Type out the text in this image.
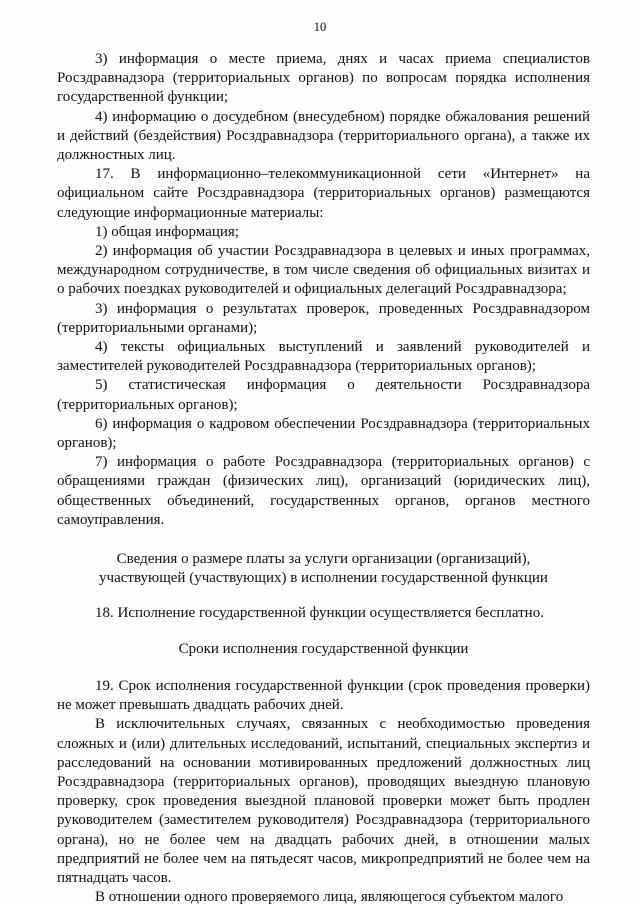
10

3) информация о месте приема, днях и часах приема специалистов Росздравнадзора (территориальных органов) по вопросам порядка исполнения государственной функции;

4) информацию о досудебном (внесудебном) порядке обжалования решений и действий (бездействия) Росздравнадзора (территориального органа), а также их должностных лиц.

17. В информационно–телекоммуникационной сети «Интернет» на официальном сайте Росздравнадзора (территориальных органов) размещаются следующие информационные материалы:

1) общая информация;

2) информация об участии Росздравнадзора в целевых и иных программах, международном сотрудничестве, в том числе сведения об официальных визитах и о рабочих поездках руководителей и официальных делегаций Росздравнадзора;

3) информация о результатах проверок, проведенных Росздравнадзором (территориальными органами);

4) тексты официальных выступлений и заявлений руководителей и заместителей руководителей Росздравнадзора (территориальных органов);

5) статистическая информация о деятельности Росздравнадзора (территориальных органов);

6) информация о кадровом обеспечении Росздравнадзора (территориальных органов);

7) информация о работе Росздравнадзора (территориальных органов) с обращениями граждан (физических лиц), организаций (юридических лиц), общественных объединений, государственных органов, органов местного самоуправления.

Сведения о размере платы за услуги организации (организаций),
участвующей (участвующих) в исполнении государственной функции

18. Исполнение государственной функции осуществляется бесплатно.

Сроки исполнения государственной функции

19. Срок исполнения государственной функции (срок проведения проверки) не может превышать двадцать рабочих дней.

В исключительных случаях, связанных с необходимостью проведения сложных и (или) длительных исследований, испытаний, специальных экспертиз и расследований на основании мотивированных предложений должностных лиц Росздравнадзора (территориальных органов), проводящих выездную плановую проверку, срок проведения выездной плановой проверки может быть продлен руководителем (заместителем руководителя) Росздравнадзора (территориального органа), но не более чем на двадцать рабочих дней, в отношении малых предприятий не более чем на пятьдесят часов, микропредприятий не более чем на пятнадцать часов.

В отношении одного проверяемого лица, являющегося субъектом малого
